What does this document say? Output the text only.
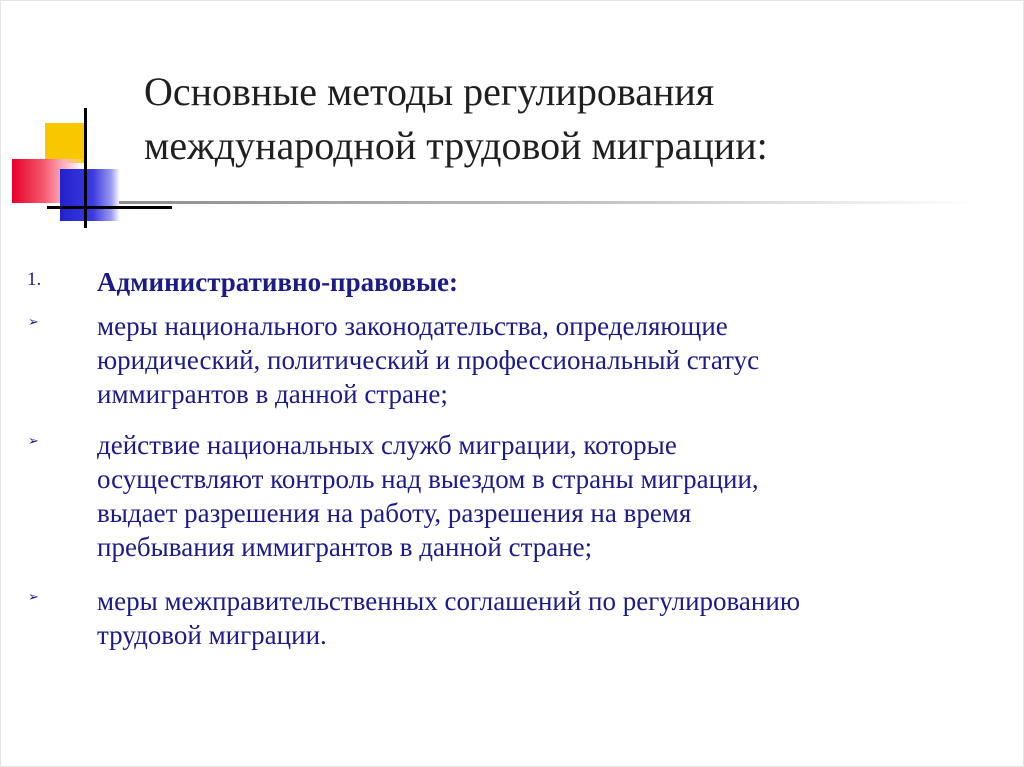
Основные методы регулирования
международной трудовой миграции:
1. Административно-правовые:
➢ меры национального законодательства, определяющие
юридический, политический и профессиональный статус
иммигрантов в данной стране;
➢ действие национальных служб миграции, которые
осуществляют контроль над выездом в страны миграции,
выдает разрешения на работу, разрешения на время
пребывания иммигрантов в данной стране;
➢ меры межправительственных соглашений по регулированию
трудовой миграции.
